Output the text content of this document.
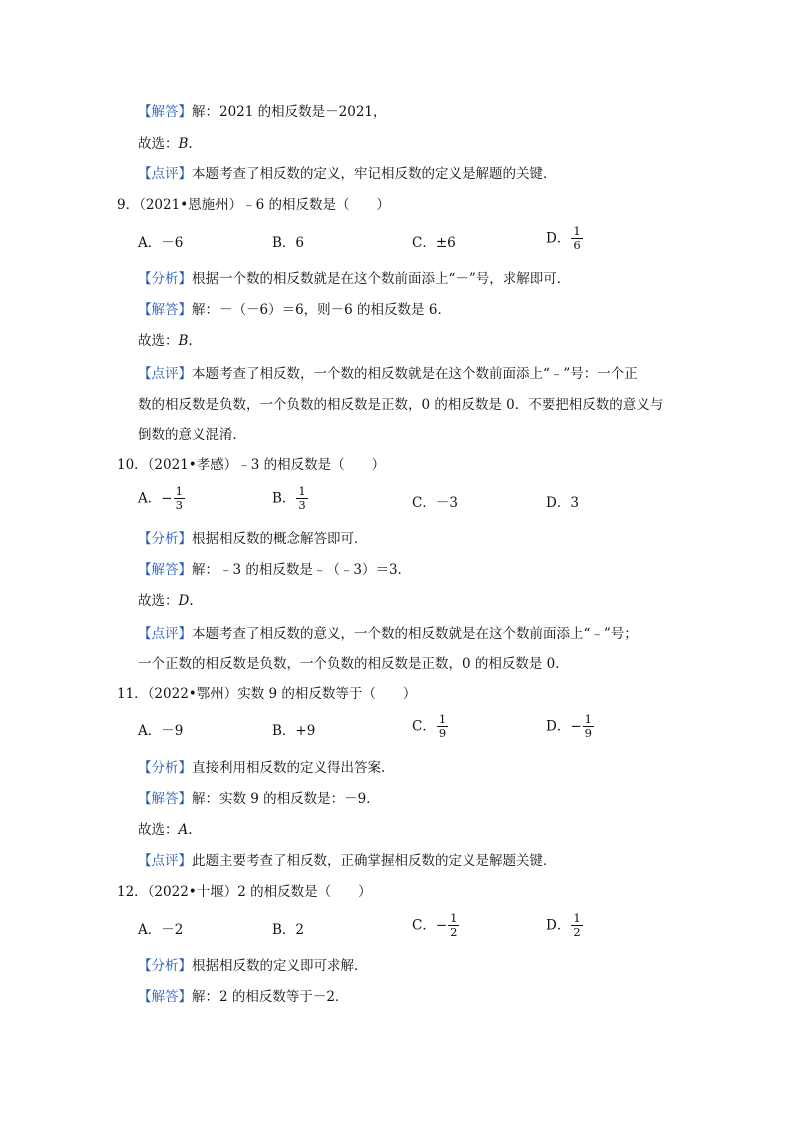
【解答】解：2021 的相反数是－2021，
故选：B.
【点评】本题考查了相反数的定义，牢记相反数的定义是解题的关键．
9．（2021•恩施州）﹣6 的相反数是（　　）
A．－6	B．6	C．±6	D． $\frac{1}{6}$
【分析】根据一个数的相反数就是在这个数前面添上“－”号，求解即可．
【解答】解：－（－6）＝6，则－6 的相反数是 6．
故选：B.
【点评】本题考查了相反数，一个数的相反数就是在这个数前面添上“﹣”号：一个正
数的相反数是负数，一个负数的相反数是正数，0 的相反数是 0．不要把相反数的意义与
倒数的意义混淆．
10．（2021•孝感）﹣3 的相反数是（　　）
A．− $\frac{1}{3}$	B． $\frac{1}{3}$	C．－3	D．3
【分析】根据相反数的概念解答即可．
【解答】解：﹣3 的相反数是﹣（﹣3）＝3．
故选：D.
【点评】本题考查了相反数的意义，一个数的相反数就是在这个数前面添上“﹣”号；
一个正数的相反数是负数，一个负数的相反数是正数，0 的相反数是 0．
11．（2022•鄂州）实数 9 的相反数等于（　　）
A．－9	B．+9	C． $\frac{1}{9}$	D．− $\frac{1}{9}$
【分析】直接利用相反数的定义得出答案．
【解答】解：实数 9 的相反数是：－9．
故选：A.
【点评】此题主要考查了相反数，正确掌握相反数的定义是解题关键．
12．（2022•十堰）2 的相反数是（　　）
A．－2	B．2	C．− $\frac{1}{2}$	D． $\frac{1}{2}$
【分析】根据相反数的定义即可求解．
【解答】解：2 的相反数等于－2．
